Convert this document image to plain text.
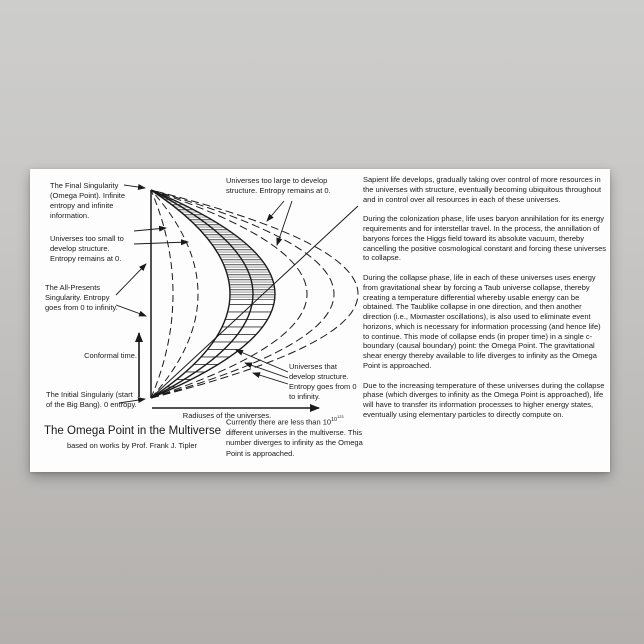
The Final Singularity (Omega Point). Infinite entropy and infinite information.
Universes too small to develop structure. Entropy remains at 0.
The All-Presents Singularity. Entropy goes from 0 to infinity.
Conformal time.
The Initial Singulariy (start of the Big Bang). 0 entropy.
Universes too large to develop structure. Entropy remains at 0.
Universes that develop structure. Entropy goes from 0 to infinity.
Radiuses of the universes.
The Omega Point in the Multiverse
based on works by Prof. Frank J. Tipler
Currently there are less than $10^{10^{123}}$ different universes in the multiverse. This number diverges to infinity as the Omega Point is approached.

Sapient life develops, gradually taking over control of more resources in the universes with structure, eventually becoming ubiquitous throughout and in control over all resources in each of these universes.

During the colonization phase, life uses baryon annihilation for its energy requirements and for interstellar travel. In the process, the annillation of baryons forces the Higgs field toward its absolute vacuum, thereby cancelling the positive cosmological constant and forcing these universes to collapse.

During the collapse phase, life in each of these universes uses energy from gravitational shear by forcing a Taub universe collapse, thereby creating a temperature differential whereby usable energy can be obtained. The Taublike collapse in one direction, and then another direction (i.e., Mixmaster oscillations), is also used to eliminate event horizons, which is necessary for information processing (and hence life) to continue. This mode of collapse ends (in proper time) in a single c-boundary (causal boundary) point: the Omega Point. The gravitational shear energy thereby available to life diverges to infinity as the Omega Point is approached.

Due to the increasing temperature of these universes during the collapse phase (which diverges to infinity as the Omega Point is approached), life will have to transfer its information processes to higher energy states, eventually using elementary particles to directly compute on.
